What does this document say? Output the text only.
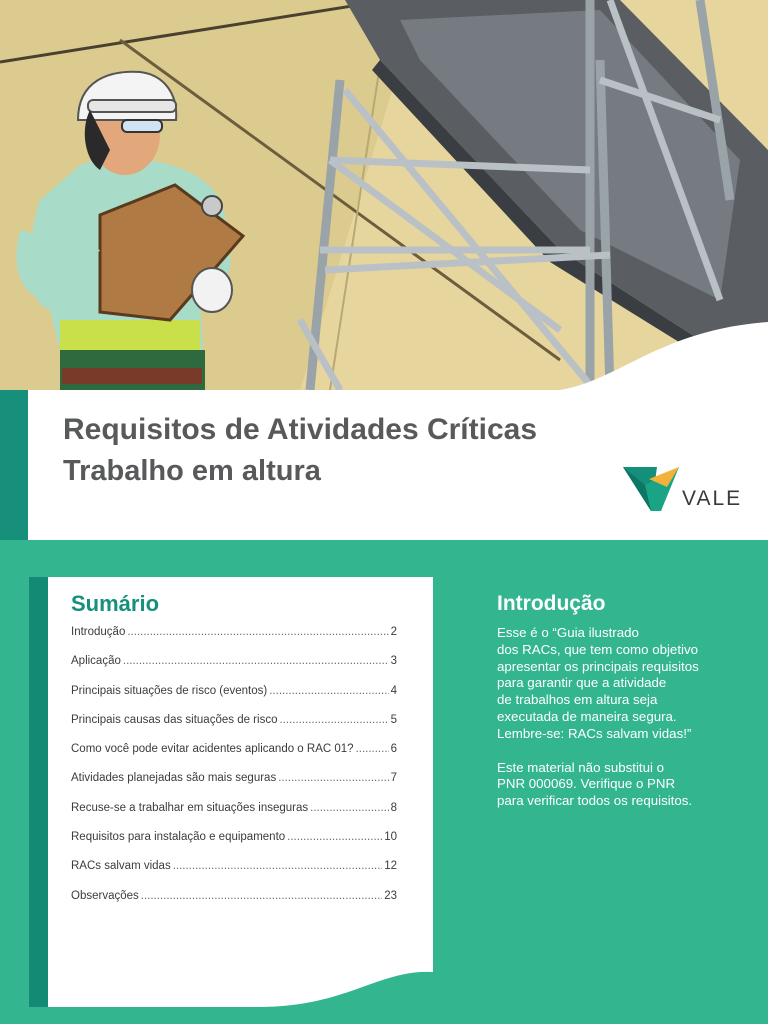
Requisitos de Atividades Críticas
Trabalho em altura
VALE
Sumário
Introdução .....	2
Aplicação .....	3
Principais situações de risco (eventos) .....	4
Principais causas das situações de risco .....	5
Como você pode evitar acidentes aplicando o RAC 01? .....	6
Atividades planejadas são mais seguras .....	7
Recuse-se a trabalhar em situações inseguras .....	8
Requisitos para instalação e equipamento .....	10
RACs salvam vidas .....	12
Observações .....	23
Introdução

Esse é o “Guia ilustrado

dos RACs, que tem como objetivo

apresentar os principais requisitos

para garantir que a atividade

de trabalhos em altura seja

executada de maneira segura.

Lembre-se: RACs salvam vidas!”

Este material não substitui o

PNR 000069. Verifique o PNR

para verificar todos os requisitos.
